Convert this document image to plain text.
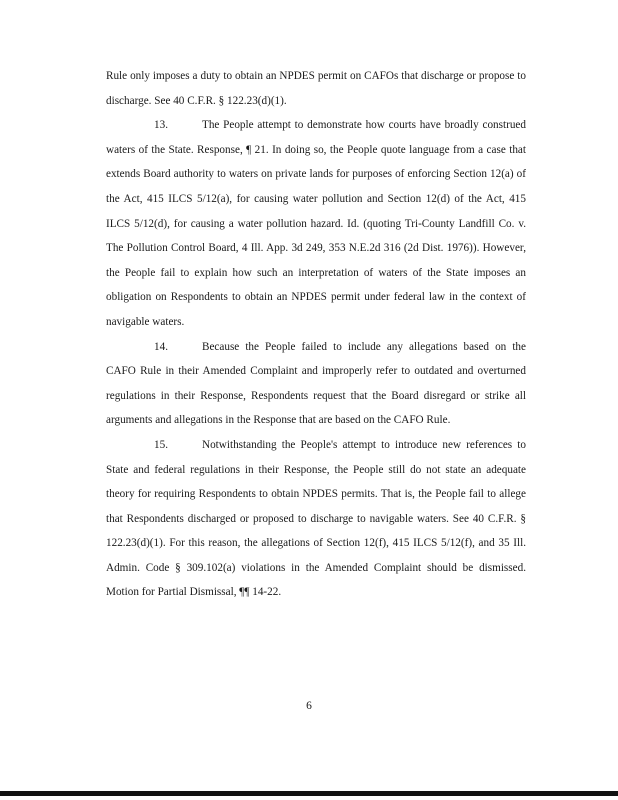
Rule only imposes a duty to obtain an NPDES permit on CAFOs that discharge or propose to discharge. See 40 C.F.R. § 122.23(d)(1).

13.	The People attempt to demonstrate how courts have broadly construed waters of the State. Response, ¶ 21. In doing so, the People quote language from a case that extends Board authority to waters on private lands for purposes of enforcing Section 12(a) of the Act, 415 ILCS 5/12(a), for causing water pollution and Section 12(d) of the Act, 415 ILCS 5/12(d), for causing a water pollution hazard. Id. (quoting Tri-County Landfill Co. v. The Pollution Control Board, 4 Ill. App. 3d 249, 353 N.E.2d 316 (2d Dist. 1976)). However, the People fail to explain how such an interpretation of waters of the State imposes an obligation on Respondents to obtain an NPDES permit under federal law in the context of navigable waters.

14.	Because the People failed to include any allegations based on the CAFO Rule in their Amended Complaint and improperly refer to outdated and overturned regulations in their Response, Respondents request that the Board disregard or strike all arguments and allegations in the Response that are based on the CAFO Rule.

15.	Notwithstanding the People's attempt to introduce new references to State and federal regulations in their Response, the People still do not state an adequate theory for requiring Respondents to obtain NPDES permits. That is, the People fail to allege that Respondents discharged or proposed to discharge to navigable waters. See 40 C.F.R. § 122.23(d)(1). For this reason, the allegations of Section 12(f), 415 ILCS 5/12(f), and 35 Ill. Admin. Code § 309.102(a) violations in the Amended Complaint should be dismissed. Motion for Partial Dismissal, ¶¶ 14-22.

6
